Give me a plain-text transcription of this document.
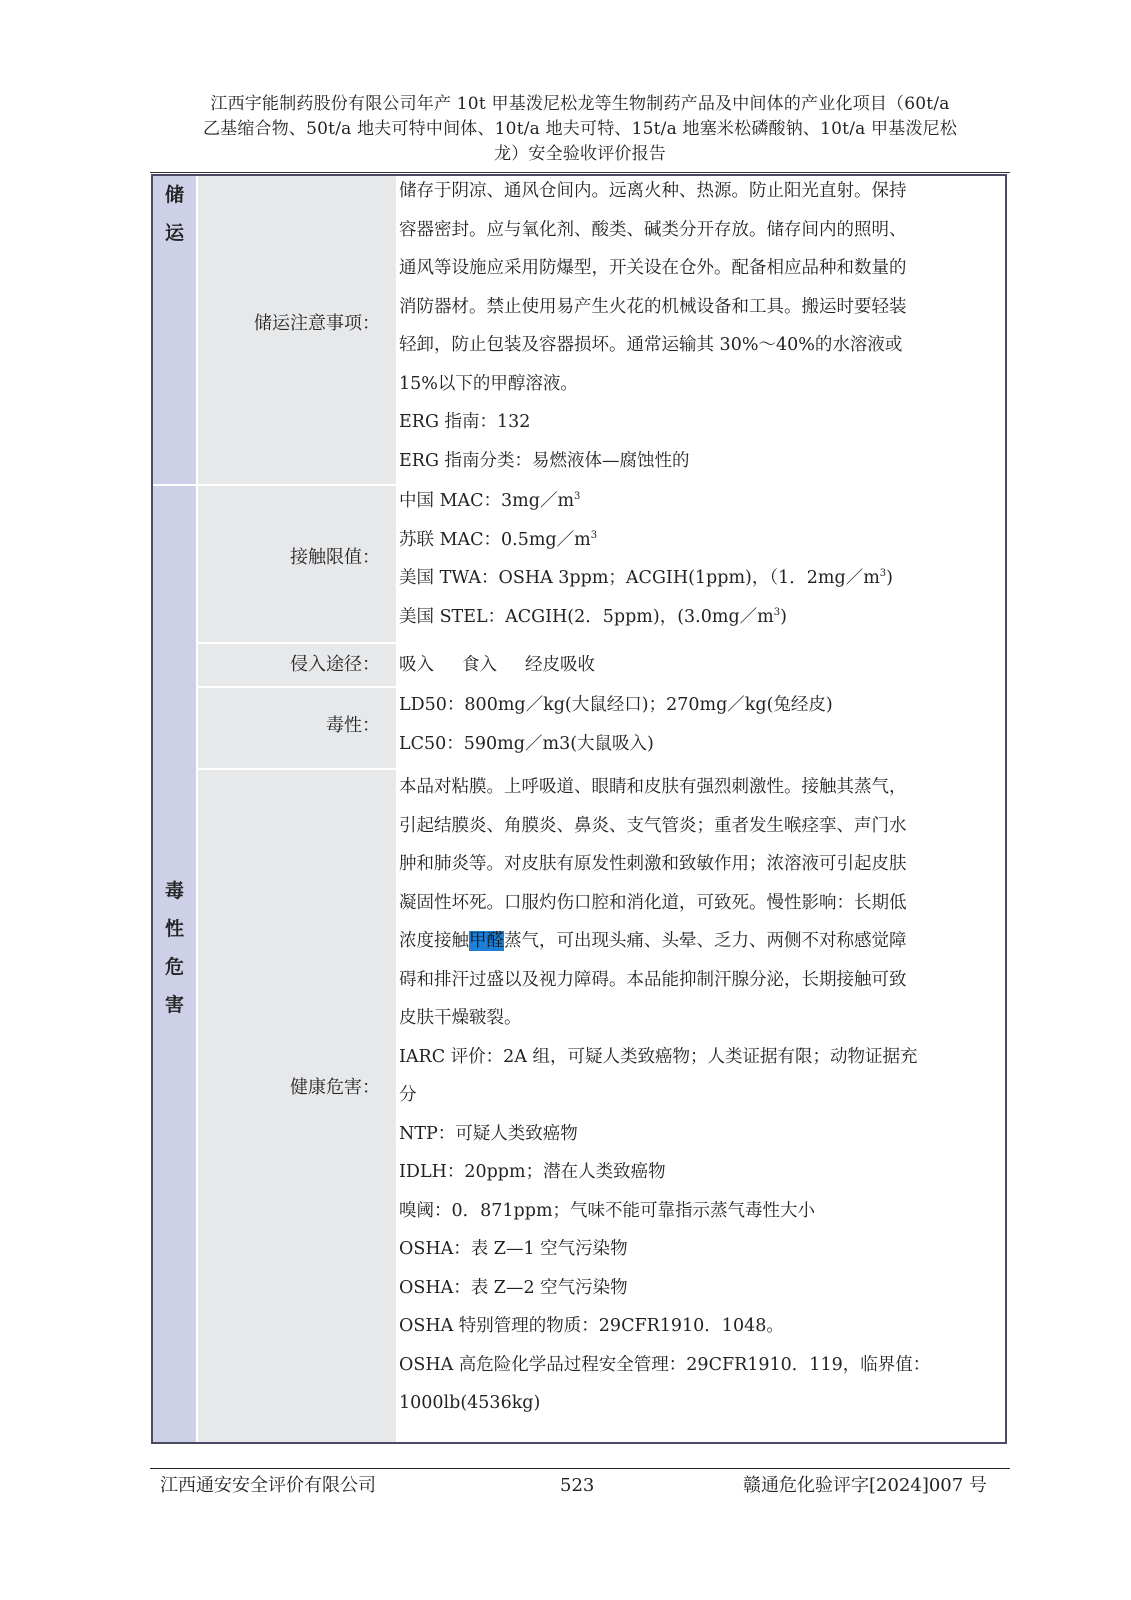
江西宇能制药股份有限公司年产 10t 甲基泼尼松龙等生物制药产品及中间体的产业化项目（60t/a
乙基缩合物、50t/a 地夫可特中间体、10t/a 地夫可特、15t/a 地塞米松磷酸钠、10t/a 甲基泼尼松
龙）安全验收评价报告
储
运
储运注意事项：

储存于阴凉、通风仓间内。远离火种、热源。防止阳光直射。保持

容器密封。应与氧化剂、酸类、碱类分开存放。储存间内的照明、

通风等设施应采用防爆型，开关设在仓外。配备相应品种和数量的

消防器材。禁止使用易产生火花的机械设备和工具。搬运时要轻装

轻卸，防止包装及容器损坏。通常运输其 30%～40%的水溶液或

15%以下的甲醇溶液。

ERG 指南：132

ERG 指南分类：易燃液体—腐蚀性的

毒
性
危
害
接触限值：

中国 MAC：$3mg/m^3$

苏联 MAC：$0.5mg/m^3$

美国 TWA：OSHA 3ppm；ACGIH(1ppm)，（1．$2mg/m^3$)

美国 STEL：ACGIH(2．5ppm)，$(3.0mg/m^3)$

侵入途径： 吸入 食入 经皮吸收

毒性：

LD50：800mg／kg(大鼠经口)；270mg／kg(兔经皮)

LC50：590mg／m3(大鼠吸入)

健康危害：

本品对粘膜。上呼吸道、眼睛和皮肤有强烈刺激性。接触其蒸气，

引起结膜炎、角膜炎、鼻炎、支气管炎；重者发生喉痉挛、声门水

肿和肺炎等。对皮肤有原发性刺激和致敏作用；浓溶液可引起皮肤

凝固性坏死。口服灼伤口腔和消化道，可致死。慢性影响：长期低

浓度接触甲醛蒸气，可出现头痛、头晕、乏力、两侧不对称感觉障

碍和排汗过盛以及视力障碍。本品能抑制汗腺分泌，长期接触可致

皮肤干燥皲裂。

IARC 评价：2A 组，可疑人类致癌物；人类证据有限；动物证据充

分

NTP：可疑人类致癌物

IDLH：20ppm；潜在人类致癌物

嗅阈：0．871ppm；气味不能可靠指示蒸气毒性大小

OSHA：表 Z—1 空气污染物

OSHA：表 Z—2 空气污染物

OSHA 特别管理的物质：29CFR1910．1048。

OSHA 高危险化学品过程安全管理：29CFR1910．119，临界值：

1000lb(4536kg)

江西通安安全评价有限公司	523	赣通危化验评字[2024]007 号
